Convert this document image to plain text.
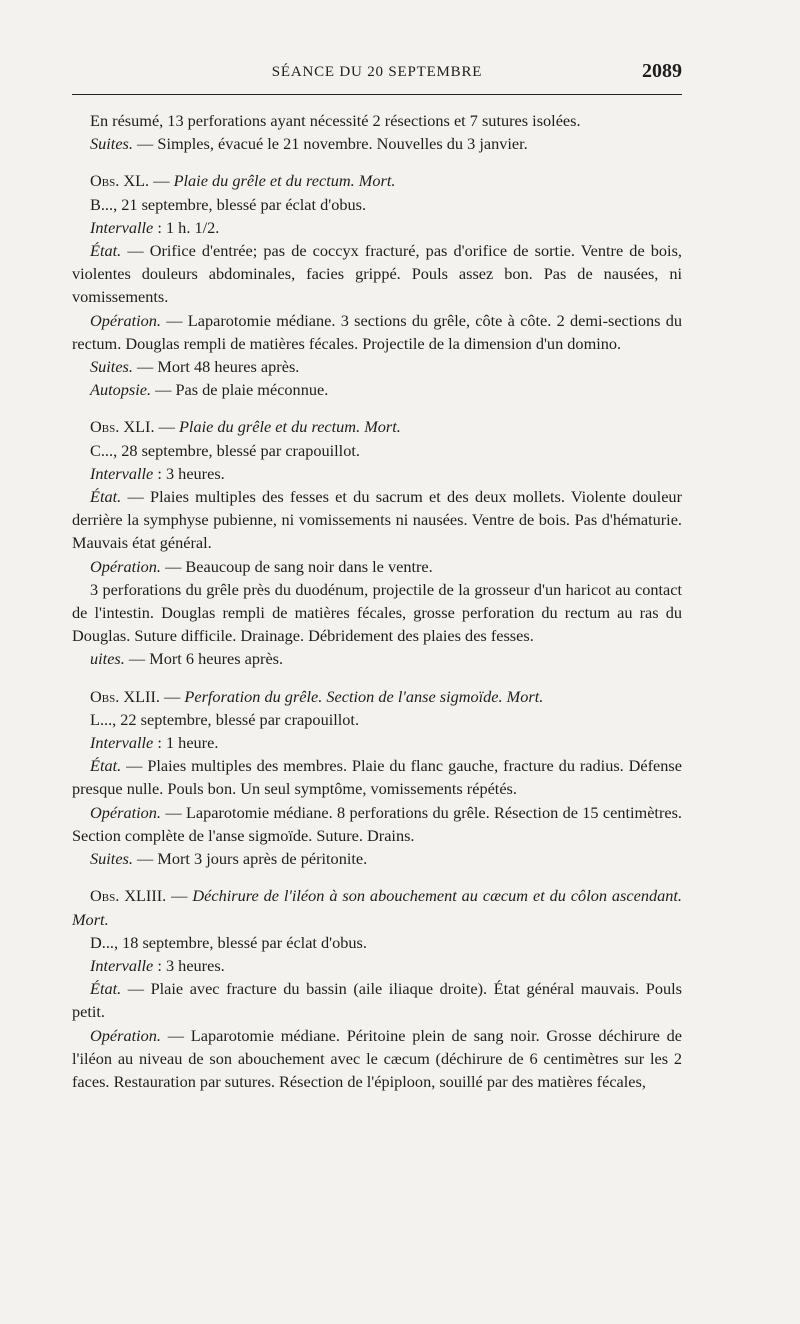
SÉANCE DU 20 SEPTEMBRE	2089

En résumé, 13 perforations ayant nécessité 2 résections et 7 sutures isolées.

Suites. — Simples, évacué le 21 novembre. Nouvelles du 3 janvier.

Obs. XL. — Plaie du grêle et du rectum. Mort.

B..., 21 septembre, blessé par éclat d'obus.

Intervalle : 1 h. 1/2.

État. — Orifice d'entrée; pas de coccyx fracturé, pas d'orifice de sortie. Ventre de bois, violentes douleurs abdominales, facies grippé. Pouls assez bon. Pas de nausées, ni vomissements.

Opération. — Laparotomie médiane. 3 sections du grêle, côte à côte. 2 demi-sections du rectum. Douglas rempli de matières fécales. Projectile de la dimension d'un domino.

Suites. — Mort 48 heures après.

Autopsie. — Pas de plaie méconnue.

Obs. XLI. — Plaie du grêle et du rectum. Mort.

C..., 28 septembre, blessé par crapouillot.

Intervalle : 3 heures.

État. — Plaies multiples des fesses et du sacrum et des deux mollets. Violente douleur derrière la symphyse pubienne, ni vomissements ni nausées. Ventre de bois. Pas d'hématurie. Mauvais état général.

Opération. — Beaucoup de sang noir dans le ventre.

3 perforations du grêle près du duodénum, projectile de la grosseur d'un haricot au contact de l'intestin. Douglas rempli de matières fécales, grosse perforation du rectum au ras du Douglas. Suture difficile. Drainage. Débridement des plaies des fesses.

uites. — Mort 6 heures après.

Obs. XLII. — Perforation du grêle. Section de l'anse sigmoïde. Mort.

L..., 22 septembre, blessé par crapouillot.

Intervalle : 1 heure.

État. — Plaies multiples des membres. Plaie du flanc gauche, fracture du radius. Défense presque nulle. Pouls bon. Un seul symptôme, vomissements répétés.

Opération. — Laparotomie médiane. 8 perforations du grêle. Résection de 15 centimètres. Section complète de l'anse sigmoïde. Suture. Drains.

Suites. — Mort 3 jours après de péritonite.

Obs. XLIII. — Déchirure de l'iléon à son abouchement au cæcum et du côlon ascendant. Mort.

D..., 18 septembre, blessé par éclat d'obus.

Intervalle : 3 heures.

État. — Plaie avec fracture du bassin (aile iliaque droite). État général mauvais. Pouls petit.

Opération. — Laparotomie médiane. Péritoine plein de sang noir. Grosse déchirure de l'iléon au niveau de son abouchement avec le cæcum (déchirure de 6 centimètres sur les 2 faces. Restauration par sutures. Résection de l'épiploon, souillé par des matières fécales,
